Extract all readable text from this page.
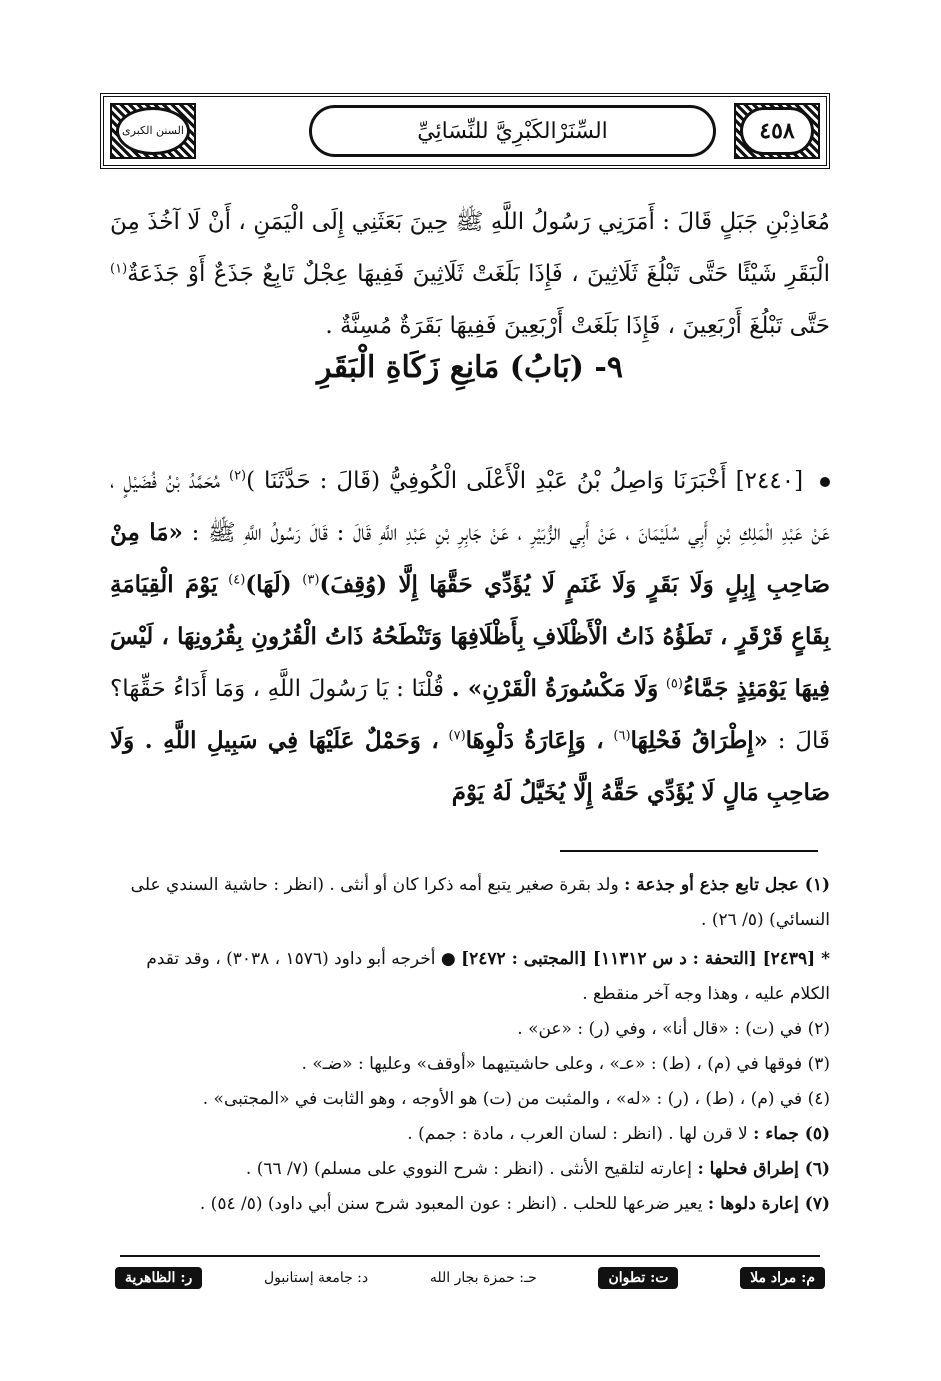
السنن الكبرى	٤٥٨
السِّنَرْالكَبْرِيَّ للنِّسَائِيِّ
مُعَاذِبْنِ جَبَلٍ قَالَ : أَمَرَنِي رَسُولُ اللَّهِ ﷺ حِينَ بَعَثَنِي إِلَى الْيَمَنِ ، أَنْ لَا آخُذَ مِنَ الْبَقَرِ شَيْئًا حَتَّى تَبْلُغَ ثَلَاثِينَ ، فَإِذَا بَلَغَتْ ثَلَاثِينَ فَفِيهَا عِجْلٌ تَابِعٌ جَذَعٌ أَوْ جَذَعَةٌ$^{(١)}$ حَتَّى تَبْلُغَ أَرْبَعِينَ ، فَإِذَا بَلَغَتْ أَرْبَعِينَ فَفِيهَا بَقَرَةٌ مُسِنَّةٌ .
٩- (بَابُ) مَانِعِ زَكَاةِ الْبَقَرِ
[٢٤٤٠] أَخْبَرَنَا وَاصِلُ بْنُ عَبْدِ الْأَعْلَى الْكُوفِيُّ (قَالَ : حَدَّثَنَا )$^{(٢)}$ مُحَمَّدُ بْنُ فُضَيْلٍ ، عَنْ عَبْدِ الْمَلِكِ بْنِ أَبِي سُلَيْمَانَ ، عَنْ أَبِي الزُّبَيْرِ ، عَنْ جَابِرِ بْنِ عَبْدِ اللَّهِ قَالَ : قَالَ رَسُولُ اللَّهِ ﷺ : «مَا مِنْ صَاحِبِ إِبِلٍ وَلَا بَقَرٍ وَلَا غَنَمٍ لَا يُؤَدِّي حَقَّهَا إِلَّا (وُقِفَ)$^{(٣)}$ (لَهَا)$^{(٤)}$ يَوْمَ الْقِيَامَةِ بِقَاعٍ قَرْقَرٍ ، تَطَؤُهُ ذَاتُ الْأَظْلَافِ بِأَظْلَافِهَا وَتَنْطَحُهُ ذَاتُ الْقُرُونِ بِقُرُونِهَا ، لَيْسَ فِيهَا يَوْمَئِذٍ جَمَّاءُ$^{(٥)}$ وَلَا مَكْسُورَةُ الْقَرْنِ» . قُلْنَا : يَا رَسُولَ اللَّهِ ، وَمَا أَدَاءُ حَقِّهَا؟ قَالَ : «إِطْرَاقُ فَحْلِهَا$^{(٦)}$ ، وَإِعَارَةُ دَلْوِهَا$^{(٧)}$ ، وَحَمْلٌ عَلَيْهَا فِي سَبِيلِ اللَّهِ . وَلَا صَاحِبِ مَالٍ لَا يُؤَدِّي حَقَّهُ إِلَّا يُخَيَّلُ لَهُ يَوْمَ

(١) عجل تابع جذع أو جذعة : ولد بقرة صغير يتبع أمه ذكرا كان أو أنثى . (انظر : حاشية السندي على النسائي) (٥/ ٢٦) .

* [٢٤٣٩] [التحفة : د س ١١٣١٢] [المجتبى : ٢٤٧٢] ● أخرجه أبو داود (١٥٧٦ ، ٣٠٣٨) ، وقد تقدم الكلام عليه ، وهذا وجه آخر منقطع .

(٢) في (ت) : «قال أنا» ، وفي (ر) : «عن» .

(٣) فوقها في (م) ، (ط) : «عـ» ، وعلى حاشيتيهما «أوقف» وعليها : «ضـ» .

(٤) في (م) ، (ط) ، (ر) : «له» ، والمثبت من (ت) هو الأوجه ، وهو الثابت في «المجتبى» .

(٥) جماء : لا قرن لها . (انظر : لسان العرب ، مادة : جمم) .

(٦) إطراق فحلها : إعارته لتلقيح الأنثى . (انظر : شرح النووي على مسلم) (٧/ ٦٦) .

(٧) إعارة دلوها : يعير ضرعها للحلب . (انظر : عون المعبود شرح سنن أبي داود) (٥/ ٥٤) .

م: مراد ملا
ت: تطوان
حـ: حمزة بجار الله
د: جامعة إستانبول
ر: الظاهرية
